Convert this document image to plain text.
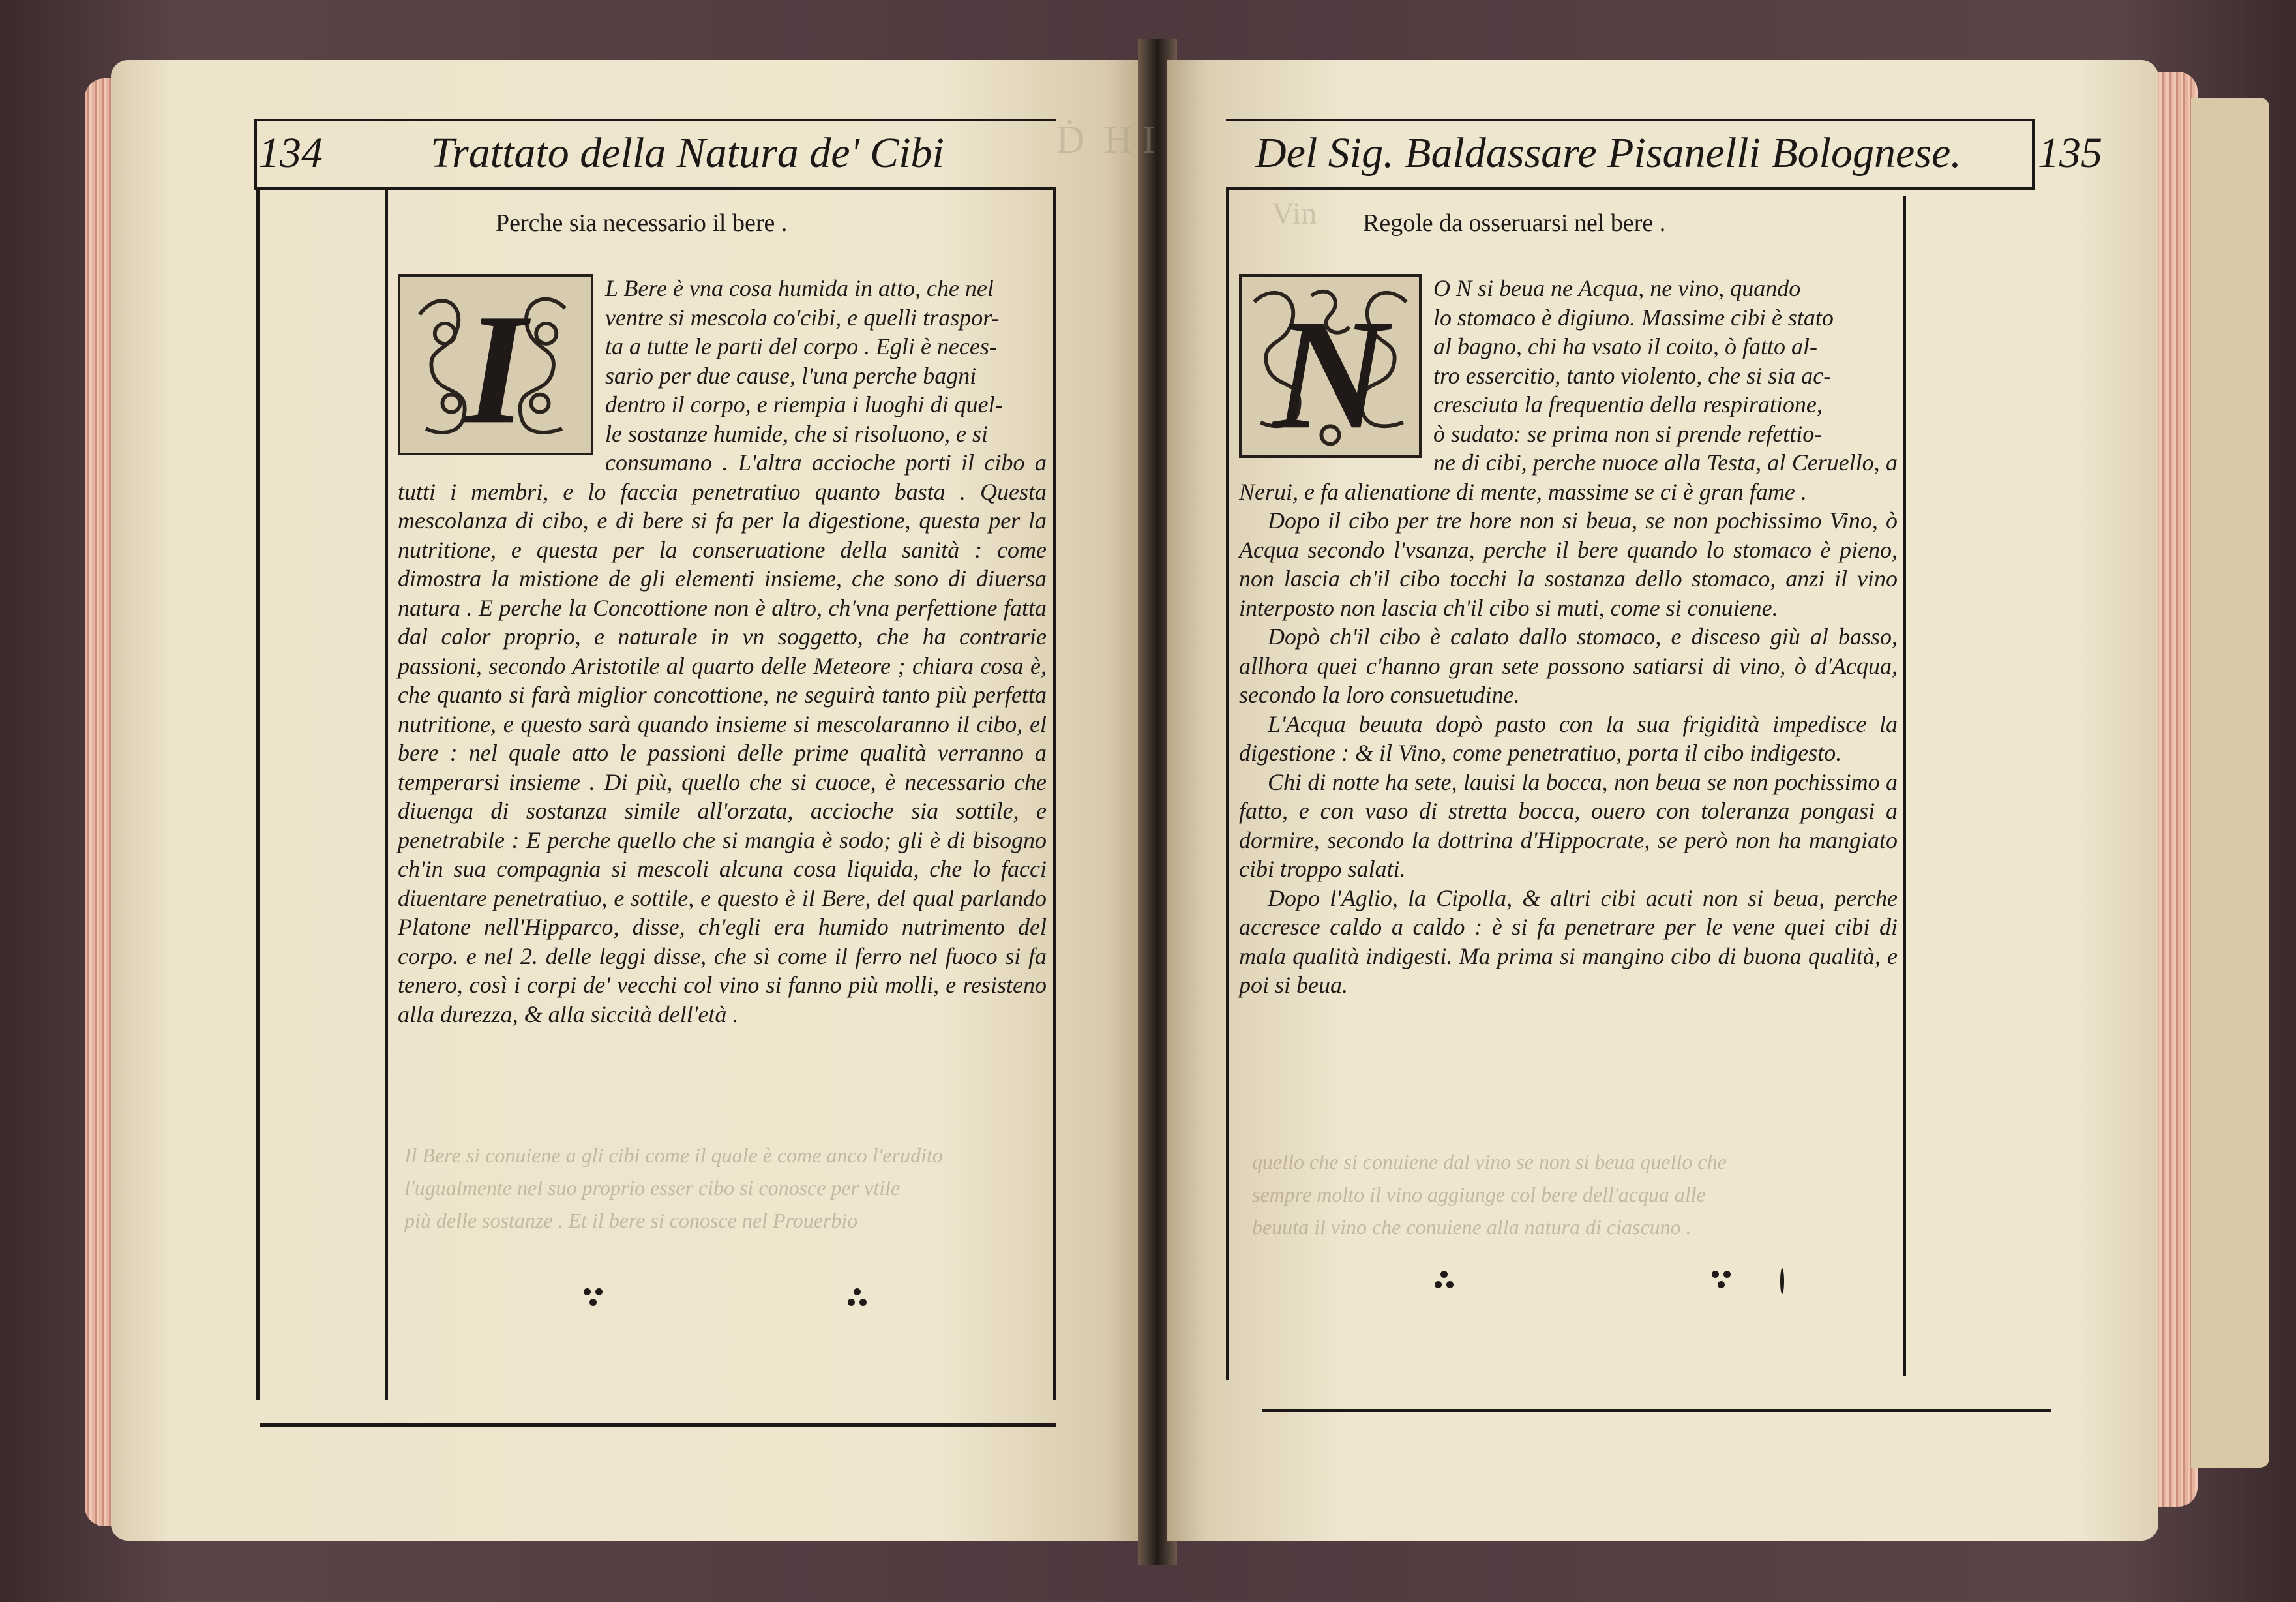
Ḋ  H I
Vin
134	Trattato della Natura de' Cibi
Perche sia necessario il bere .
I	L Bere è vna cosa humida in atto, che nel

ventre si mescola co'cibi, e quelli traspor-

ta a tutte le parti del corpo . Egli è neces-

sario per due cause, l'una perche bagni

dentro il corpo, e riempia i luoghi di quel-

le sostanze humide, che si risoluono, e si

consumano . L'altra accioche porti il cibo a tutti i membri, e lo faccia penetratiuo quanto basta . Questa mescolanza di cibo, e di bere si fa per la digestione, questa per la nutritione, e questa per la conseruatione della sanità : come dimostra la mistione de gli elementi insieme, che sono di diuersa natura . E perche la Concottione non è altro, ch'vna perfettione fatta dal calor proprio, e naturale in vn soggetto, che ha contrarie passioni, secondo Aristotile al quarto delle Meteore ; chiara cosa è, che quanto si farà miglior concottione, ne seguirà tanto più perfetta nutritione, e questo sarà quando insieme si mescolaranno il cibo, el bere : nel quale atto le passioni delle prime qualità verranno a temperarsi insieme . Di più, quello che si cuoce, è necessario che diuenga di sostanza simile all'orzata, accioche sia sottile, e penetrabile : E perche quello che si mangia è sodo; gli è di bisogno ch'in sua compagnia si mescoli alcuna cosa liquida, che lo facci diuentare penetratiuo, e sottile, e questo è il Bere, del qual parlando Platone nell'Hipparco, disse, ch'egli era humido nutrimento del corpo. e nel 2. delle leggi disse, che sì come il ferro nel fuoco si fa tenero, così i corpi de' vecchi col vino si fanno più molli, e resisteno alla durezza, & alla siccità dell'età .

Il Bere si conuiene a gli cibi come il quale è come anco l'erudito
l'ugualmente nel suo proprio esser cibo si conosce per vtile
più delle sostanze . Et il bere si conosce nel Prouerbio
Del Sig. Baldassare Pisanelli Bolognese. 135
Regole da osseruarsi nel bere .
N	O N si beua ne Acqua, ne vino, quando

lo stomaco è digiuno. Massime cibi è stato

al bagno, chi ha vsato il coito, ò fatto al-

tro essercitio, tanto violento, che si sia ac-

cresciuta la frequentia della respiratione,

ò sudato: se prima non si prende refettio-

ne di cibi, perche nuoce alla Testa, al Ceruello, a Nerui, e fa alienatione di mente, massime se ci è gran fame .

Dopo il cibo per tre hore non si beua, se non pochissimo Vino, ò Acqua secondo l'vsanza, perche il bere quando lo stomaco è pieno, non lascia ch'il cibo tocchi la sostanza dello stomaco, anzi il vino interposto non lascia ch'il cibo si muti, come si conuiene.

Dopò ch'il cibo è calato dallo stomaco, e disceso giù al basso, allhora quei c'hanno gran sete possono satiarsi di vino, ò d'Acqua, secondo la loro consuetudine.

L'Acqua beuuta dopò pasto con la sua frigidità impedisce la digestione : & il Vino, come penetratiuo, porta il cibo indigesto.

Chi di notte ha sete, lauisi la bocca, non beua se non pochissimo a fatto, e con vaso di stretta bocca, ouero con toleranza pongasi a dormire, secondo la dottrina d'Hippocrate, se però non ha mangiato cibi troppo salati.

Dopo l'Aglio, la Cipolla, & altri cibi acuti non si beua, perche accresce caldo a caldo : è si fa penetrare per le vene quei cibi di mala qualità indigesti. Ma prima si mangino cibo di buona qualità, e poi si beua.

quello che si conuiene dal vino se non si beua quello che
sempre molto il vino aggiunge col bere dell'acqua alle
beuuta il vino che conuiene alla natura di ciascuno .
